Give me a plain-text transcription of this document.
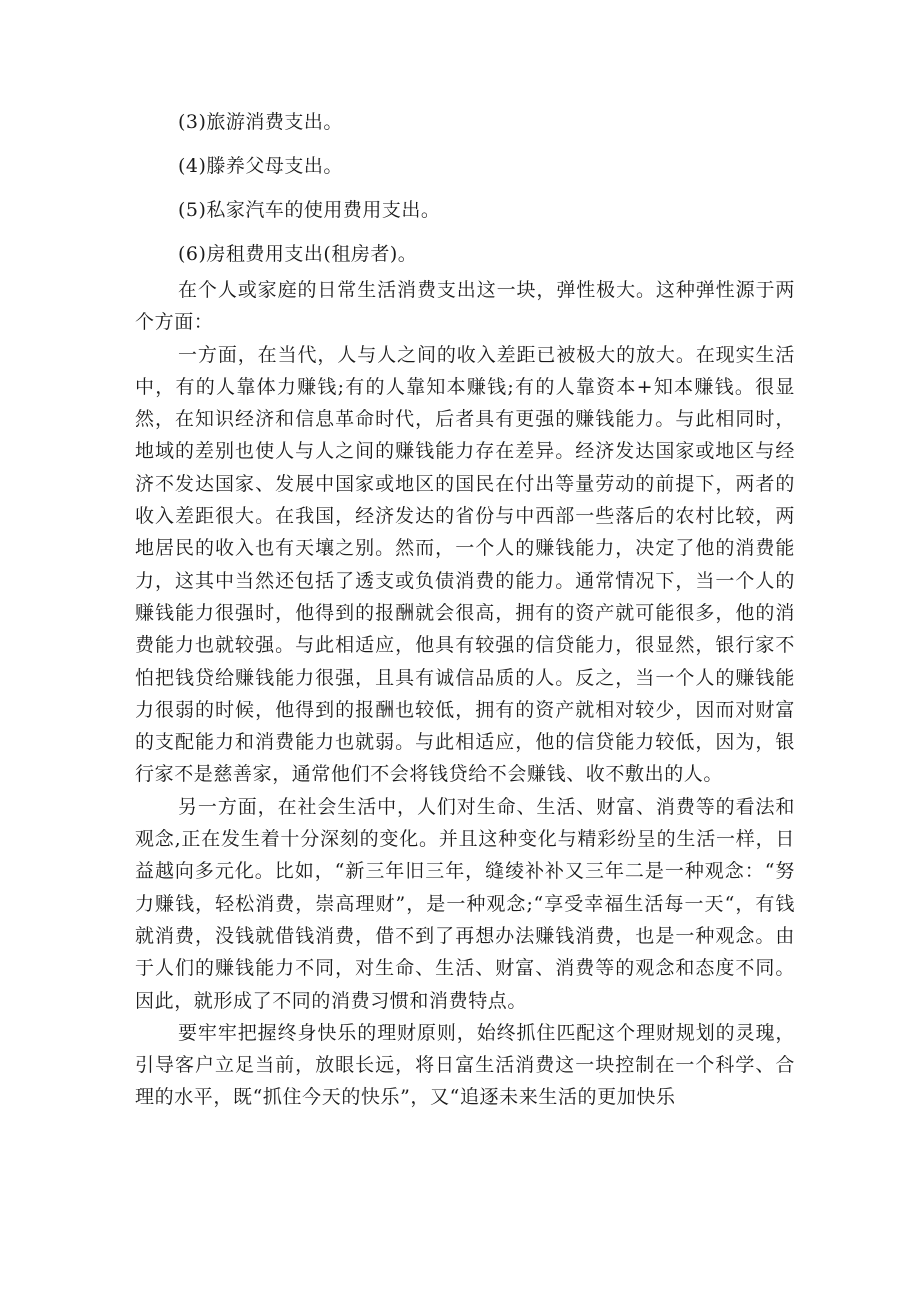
(3)旅游消费支出。
(4)滕养父母支出。
(5)私家汽车的使用费用支出。
(6)房租费用支出(租房者)。

在个人或家庭的日常生活消费支出这一块，弹性极大。这种弹性源于两个方面：

一方面，在当代，人与人之间的收入差距已被极大的放大。在现实生活中，有的人靠体力赚钱;有的人靠知本赚钱;有的人靠资本+知本赚钱。很显然，在知识经济和信息革命时代，后者具有更强的赚钱能力。与此相同时，地域的差别也使人与人之间的赚钱能力存在差异。经济发达国家或地区与经济不发达国家、发展中国家或地区的国民在付出等量劳动的前提下，两者的收入差距很大。在我国，经济发达的省份与中西部一些落后的农村比较，两地居民的收入也有天壤之别。然而，一个人的赚钱能力，决定了他的消费能力，这其中当然还包括了透支或负债消费的能力。通常情况下，当一个人的赚钱能力很强时，他得到的报酬就会很高，拥有的资产就可能很多，他的消费能力也就较强。与此相适应，他具有较强的信贷能力，很显然，银行家不怕把钱贷给赚钱能力很强，且具有诚信品质的人。反之，当一个人的赚钱能力很弱的时候，他得到的报酬也较低，拥有的资产就相对较少，因而对财富的支配能力和消费能力也就弱。与此相适应，他的信贷能力较低，因为，银行家不是慈善家，通常他们不会将钱贷给不会赚钱、收不敷出的人。

另一方面，在社会生活中，人们对生命、生活、财富、消费等的看法和观念,正在发生着十分深刻的变化。并且这种变化与精彩纷呈的生活一样，日益越向多元化。比如，“新三年旧三年，缝绫补补又三年二是一种观念：“努力赚钱，轻松消费，崇高理财”，是一种观念;“享受幸福生活每一天“，有钱就消费，没钱就借钱消费，借不到了再想办法赚钱消费，也是一种观念。由于人们的赚钱能力不同，对生命、生活、财富、消费等的观念和态度不同。因此，就形成了不同的消费习惯和消费特点。

要牢牢把握终身快乐的理财原则，始终抓住匹配这个理财规划的灵瑰，引导客户立足当前，放眼长远，将日富生活消费这一块控制在一个科学、合理的水平，既“抓住今天的快乐”，又“追逐未来生活的更加快乐
